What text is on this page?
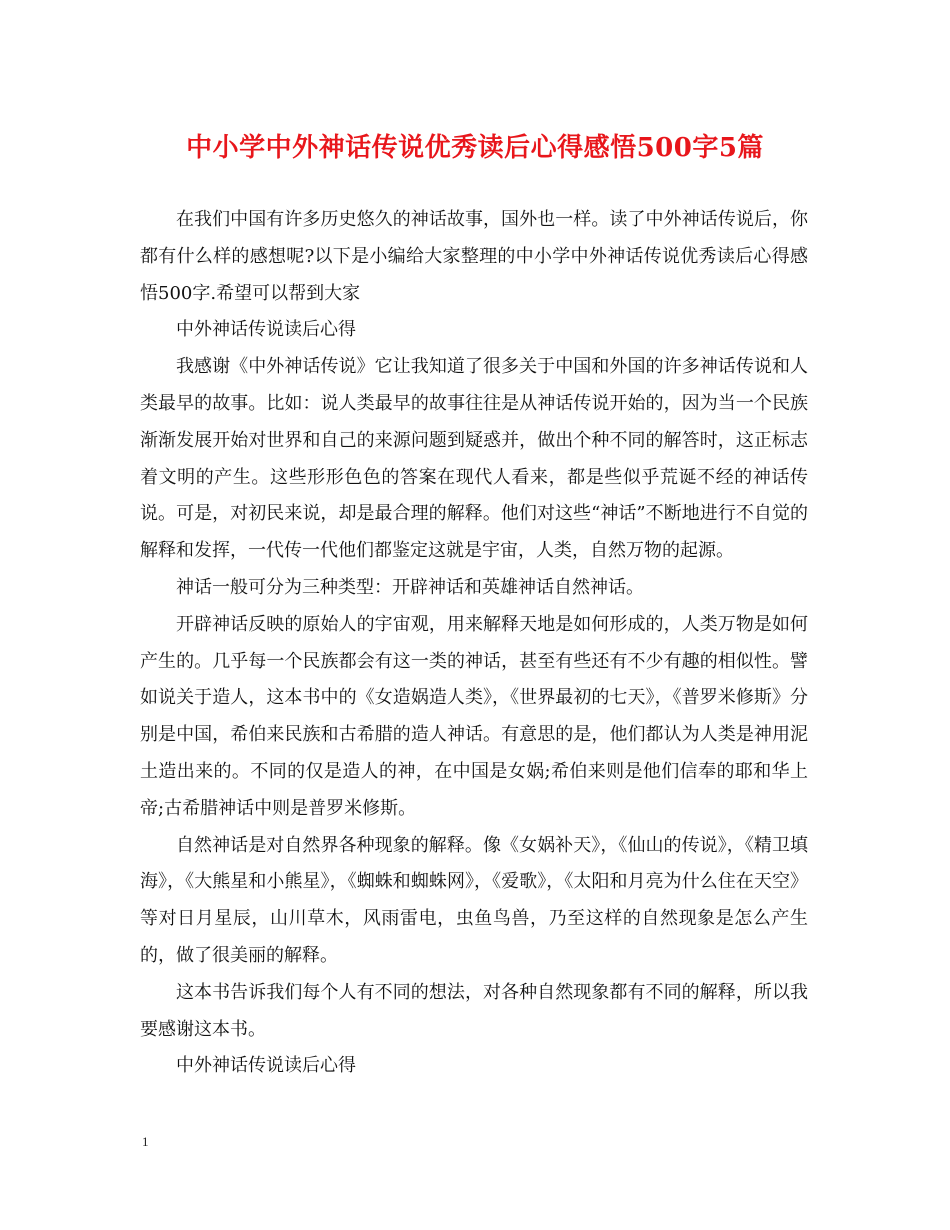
中小学中外神话传说优秀读后心得感悟500字5篇

在我们中国有许多历史悠久的神话故事，国外也一样。读了中外神话传说后，你都有什么样的感想呢?以下是小编给大家整理的中小学中外神话传说优秀读后心得感悟500字.希望可以帮到大家

中外神话传说读后心得

我感谢《中外神话传说》它让我知道了很多关于中国和外国的许多神话传说和人类最早的故事。比如：说人类最早的故事往往是从神话传说开始的，因为当一个民族渐渐发展开始对世界和自己的来源问题到疑惑并，做出个种不同的解答时，这正标志着文明的产生。这些形形色色的答案在现代人看来，都是些似乎荒诞不经的神话传说。可是，对初民来说，却是最合理的解释。他们对这些“神话”不断地进行不自觉的解释和发挥，一代传一代他们都鉴定这就是宇宙，人类，自然万物的起源。

神话一般可分为三种类型：开辟神话和英雄神话自然神话。

开辟神话反映的原始人的宇宙观，用来解释天地是如何形成的，人类万物是如何产生的。几乎每一个民族都会有这一类的神话，甚至有些还有不少有趣的相似性。譬如说关于造人，这本书中的《女造娲造人类》，《世界最初的七天》，《普罗米修斯》分别是中国，希伯来民族和古希腊的造人神话。有意思的是，他们都认为人类是神用泥土造出来的。不同的仅是造人的神，在中国是女娲;希伯来则是他们信奉的耶和华上帝;古希腊神话中则是普罗米修斯。

自然神话是对自然界各种现象的解释。像《女娲补天》，《仙山的传说》，《精卫填海》，《大熊星和小熊星》，《蜘蛛和蜘蛛网》，《爱歌》，《太阳和月亮为什么住在天空》等对日月星辰，山川草木，风雨雷电，虫鱼鸟兽，乃至这样的自然现象是怎么产生的，做了很美丽的解释。

这本书告诉我们每个人有不同的想法，对各种自然现象都有不同的解释，所以我要感谢这本书。

中外神话传说读后心得

1
